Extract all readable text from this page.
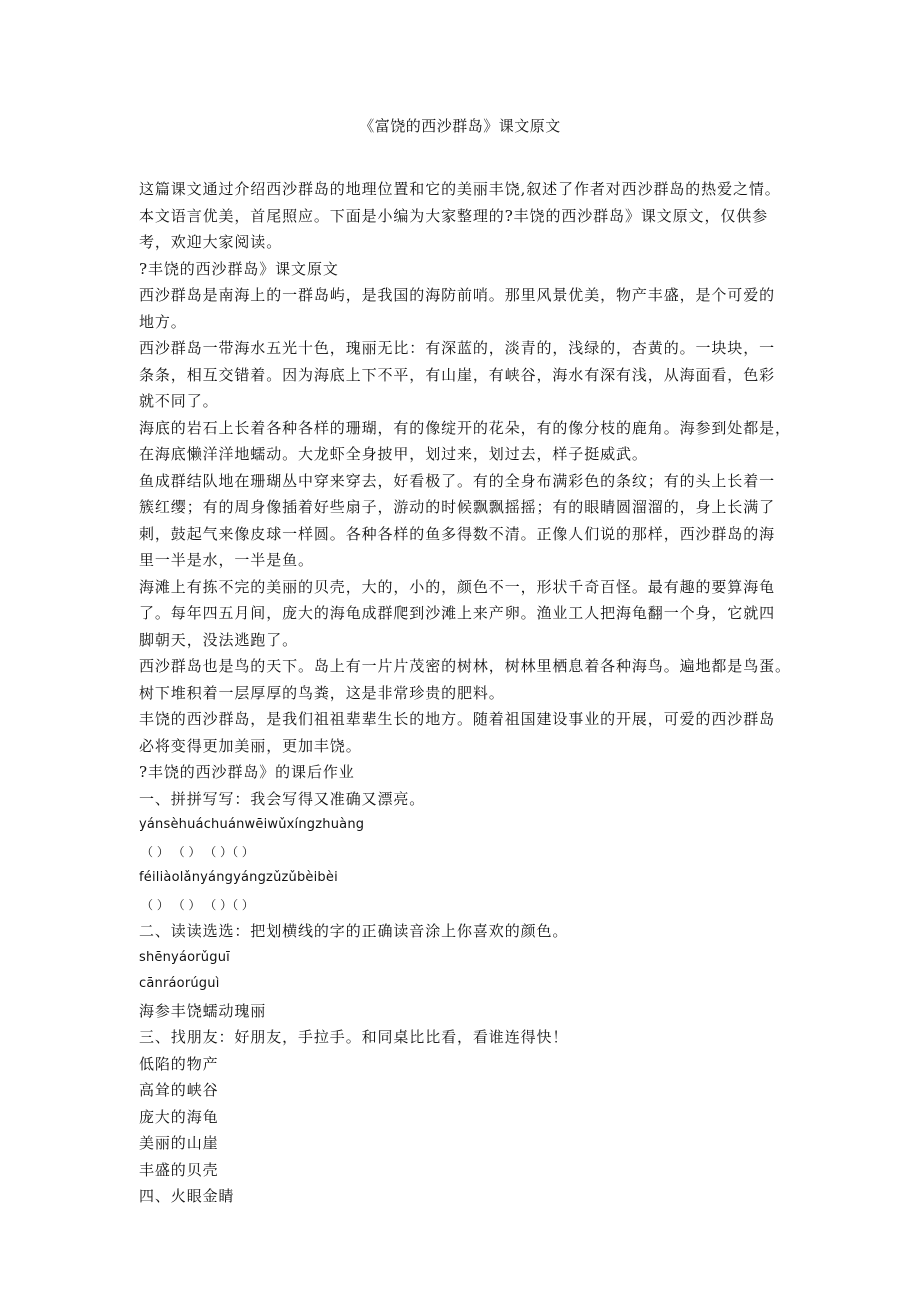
《富饶的西沙群岛》课文原文
这篇课文通过介绍西沙群岛的地理位置和它的美丽丰饶,叙述了作者对西沙群岛的热爱之情。
本文语言优美，首尾照应。下面是小编为大家整理的?丰饶的西沙群岛》课文原文，仅供参
考，欢迎大家阅读。
?丰饶的西沙群岛》课文原文
西沙群岛是南海上的一群岛屿，是我国的海防前哨。那里风景优美，物产丰盛，是个可爱的
地方。
西沙群岛一带海水五光十色，瑰丽无比：有深蓝的，淡青的，浅绿的，杏黄的。一块块，一
条条，相互交错着。因为海底上下不平，有山崖，有峡谷，海水有深有浅，从海面看，色彩
就不同了。
海底的岩石上长着各种各样的珊瑚，有的像绽开的花朵，有的像分枝的鹿角。海参到处都是，
在海底懒洋洋地蠕动。大龙虾全身披甲，划过来，划过去，样子挺威武。
鱼成群结队地在珊瑚丛中穿来穿去，好看极了。有的全身布满彩色的条纹；有的头上长着一
簇红缨；有的周身像插着好些扇子，游动的时候飘飘摇摇；有的眼睛圆溜溜的，身上长满了
刺，鼓起气来像皮球一样圆。各种各样的鱼多得数不清。正像人们说的那样，西沙群岛的海
里一半是水，一半是鱼。
海滩上有拣不完的美丽的贝壳，大的，小的，颜色不一，形状千奇百怪。最有趣的要算海龟
了。每年四五月间，庞大的海龟成群爬到沙滩上来产卵。渔业工人把海龟翻一个身，它就四
脚朝天，没法逃跑了。
西沙群岛也是鸟的天下。岛上有一片片茂密的树林，树林里栖息着各种海鸟。遍地都是鸟蛋。
树下堆积着一层厚厚的鸟粪，这是非常珍贵的肥料。
丰饶的西沙群岛，是我们祖祖辈辈生长的地方。随着祖国建设事业的开展，可爱的西沙群岛
必将变得更加美丽，更加丰饶。
?丰饶的西沙群岛》的课后作业
一、拼拼写写：我会写得又准确又漂亮。
yánsèhuáchuánwēiwǔxíngzhuàng
（ ） （ ） （ ）（ ）
féiliàolǎnyángyángzǔzǔbèibèi
（ ） （ ） （ ）（ ）
二、读读选选：把划横线的字的正确读音涂上你喜欢的颜色。
shēnyáorǔguī
cānráorúguì
海参丰饶蠕动瑰丽
三、找朋友：好朋友，手拉手。和同桌比比看，看谁连得快！
低陷的物产
高耸的峡谷
庞大的海龟
美丽的山崖
丰盛的贝壳
四、火眼金睛
